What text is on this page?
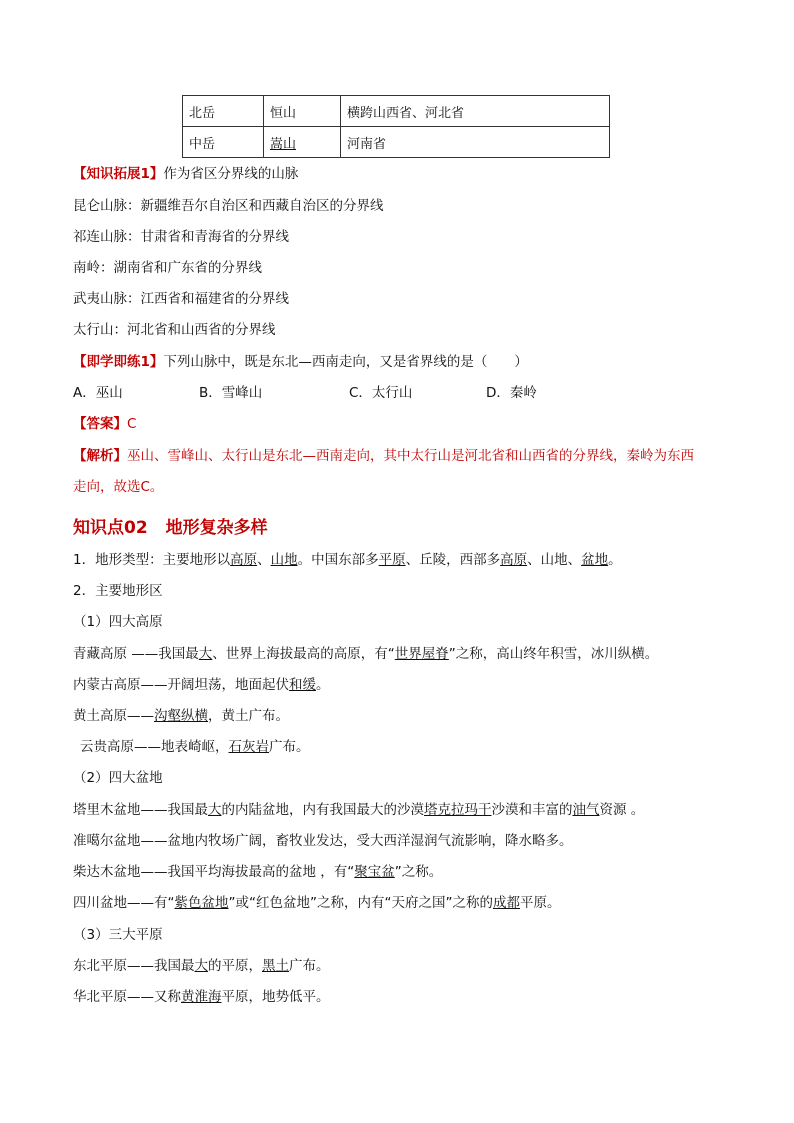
北岳	恒山	横跨山西省、河北省
中岳	嵩山	河南省
【知识拓展1】作为省区分界线的山脉
昆仑山脉：新疆维吾尔自治区和西藏自治区的分界线
祁连山脉：甘肃省和青海省的分界线
南岭：湖南省和广东省的分界线
武夷山脉：江西省和福建省的分界线
太行山：河北省和山西省的分界线
【即学即练1】下列山脉中，既是东北—西南走向，又是省界线的是（　　）
A．巫山	B．雪峰山	C．太行山	D．秦岭
【答案】C
【解析】巫山、雪峰山、太行山是东北—西南走向，其中太行山是河北省和山西省的分界线，秦岭为东西
走向，故选C。
知识点02 地形复杂多样
1．地形类型：主要地形以高原、山地。中国东部多平原、丘陵，西部多高原、山地、盆地。
2．主要地形区
（1）四大高原
青藏高原 ——我国最大、世界上海拔最高的高原，有“世界屋脊”之称，高山终年积雪，冰川纵横。
内蒙古高原——开阔坦荡，地面起伏和缓。
黄土高原——沟壑纵横，黄土广布。
云贵高原——地表崎岖，石灰岩广布。
（2）四大盆地
塔里木盆地——我国最大的内陆盆地，内有我国最大的沙漠塔克拉玛干沙漠和丰富的油气资源 。
准噶尔盆地——盆地内牧场广阔，畜牧业发达，受大西洋湿润气流影响，降水略多。
柴达木盆地——我国平均海拔最高的盆地 ，有“聚宝盆”之称。
四川盆地——有“紫色盆地”或“红色盆地”之称，内有“天府之国”之称的成都平原。
（3）三大平原
东北平原——我国最大的平原，黑土广布。
华北平原——又称黄淮海平原，地势低平。
